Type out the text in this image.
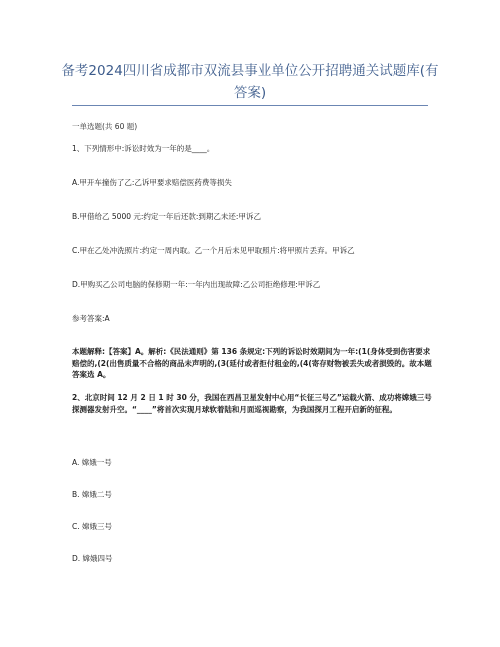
备考2024四川省成都市双流县事业单位公开招聘通关试题库(有答案)
一单选题(共 60 题)
1、下列情形中:诉讼时效为一年的是____。
A.甲开车撞伤了乙:乙诉甲要求赔偿医药费等损失
B.甲借给乙 5000 元:约定一年后还款:到期乙未还:甲诉乙
C.甲在乙处冲洗照片:约定一周内取。乙一个月后未见甲取照片:将甲照片丢弃。甲诉乙
D.甲购买乙公司电脑的保修期一年:一年内出现故障:乙公司拒绝修理:甲诉乙
参考答案:A
本题解释:【答案】A。解析:《民法通则》第 136 条规定:下列的诉讼时效期间为一年:(1(身体受到伤害要求赔偿的,(2(出售质量不合格的商品未声明的,(3(延付或者拒付租金的,(4(寄存财物被丢失或者损毁的。故本题答案选 A。
2、北京时间 12 月 2 日 1 时 30 分，我国在西昌卫星发射中心用“长征三号乙”运载火箭、成功将嫦娥三号探测器发射升空。“____”将首次实现月球软着陆和月面巡视勘察，为我国探月工程开启新的征程。
A. 嫦娥一号
B. 嫦娥二号
C. 嫦娥三号
D. 嫦娥四号
